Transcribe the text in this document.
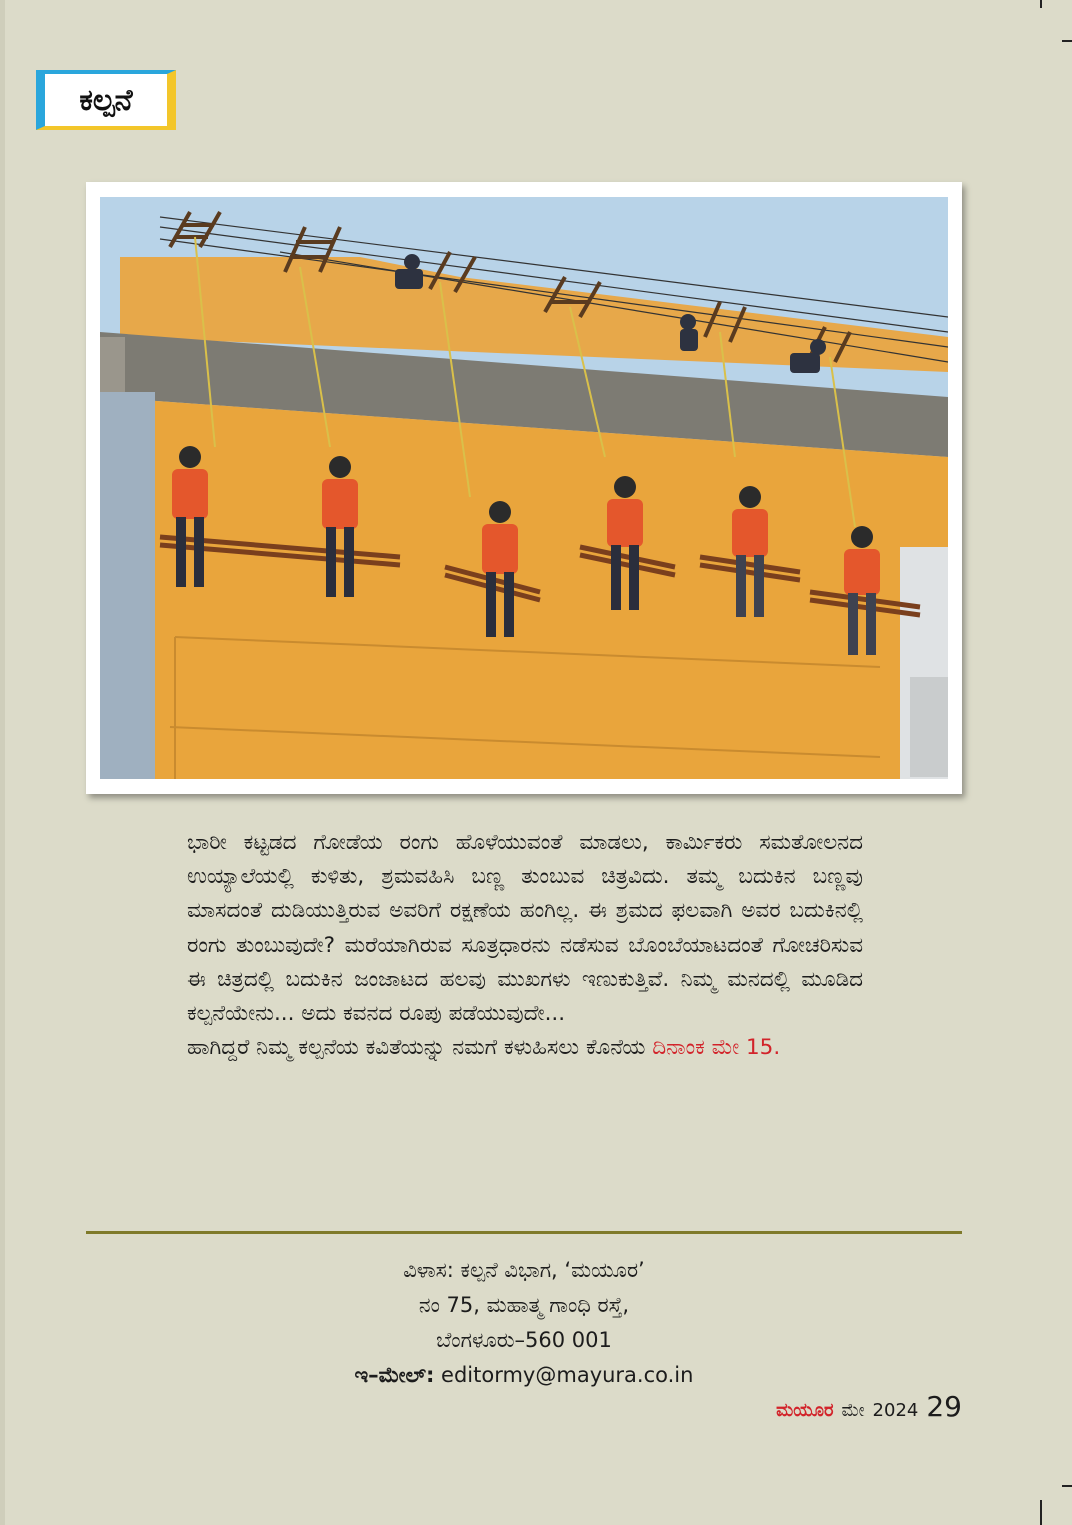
ಕಲ್ಪನೆ

ಭಾರೀ ಕಟ್ಟಡದ ಗೋಡೆಯ ರಂಗು ಹೊಳೆಯುವಂತೆ ಮಾಡಲು, ಕಾರ್ಮಿಕರು ಸಮತೋಲನದ ಉಯ್ಯಾಲೆಯಲ್ಲಿ ಕುಳಿತು, ಶ್ರಮವಹಿಸಿ ಬಣ್ಣ ತುಂಬುವ ಚಿತ್ರವಿದು. ತಮ್ಮ ಬದುಕಿನ ಬಣ್ಣವು ಮಾಸದಂತೆ ದುಡಿಯುತ್ತಿರುವ ಅವರಿಗೆ ರಕ್ಷಣೆಯ ಹಂಗಿಲ್ಲ. ಈ ಶ್ರಮದ ಫಲವಾಗಿ ಅವರ ಬದುಕಿನಲ್ಲಿ ರಂಗು ತುಂಬುವುದೇ? ಮರೆಯಾಗಿರುವ ಸೂತ್ರಧಾರನು ನಡೆಸುವ ಬೊಂಬೆಯಾಟದಂತೆ ಗೋಚರಿಸುವ ಈ ಚಿತ್ರದಲ್ಲಿ ಬದುಕಿನ ಜಂಜಾಟದ ಹಲವು ಮುಖಗಳು ಇಣುಕುತ್ತಿವೆ. ನಿಮ್ಮ ಮನದಲ್ಲಿ ಮೂಡಿದ ಕಲ್ಪನೆಯೇನು... ಅದು ಕವನದ ರೂಪು ಪಡೆಯುವುದೇ...

ಹಾಗಿದ್ದರೆ ನಿಮ್ಮ ಕಲ್ಪನೆಯ ಕವಿತೆಯನ್ನು ನಮಗೆ ಕಳುಹಿಸಲು ಕೊನೆಯ ದಿನಾಂಕ ಮೇ 15.

ವಿಳಾಸ: ಕಲ್ಪನೆ ವಿಭಾಗ, ‘ಮಯೂರ’
ನಂ 75, ಮಹಾತ್ಮ ಗಾಂಧಿ ರಸ್ತೆ,
ಬೆಂಗಳೂರು–560 001
ಇ–ಮೇಲ್: editormy@mayura.co.in
ಮಯೂರ ಮೇ 2024 29
